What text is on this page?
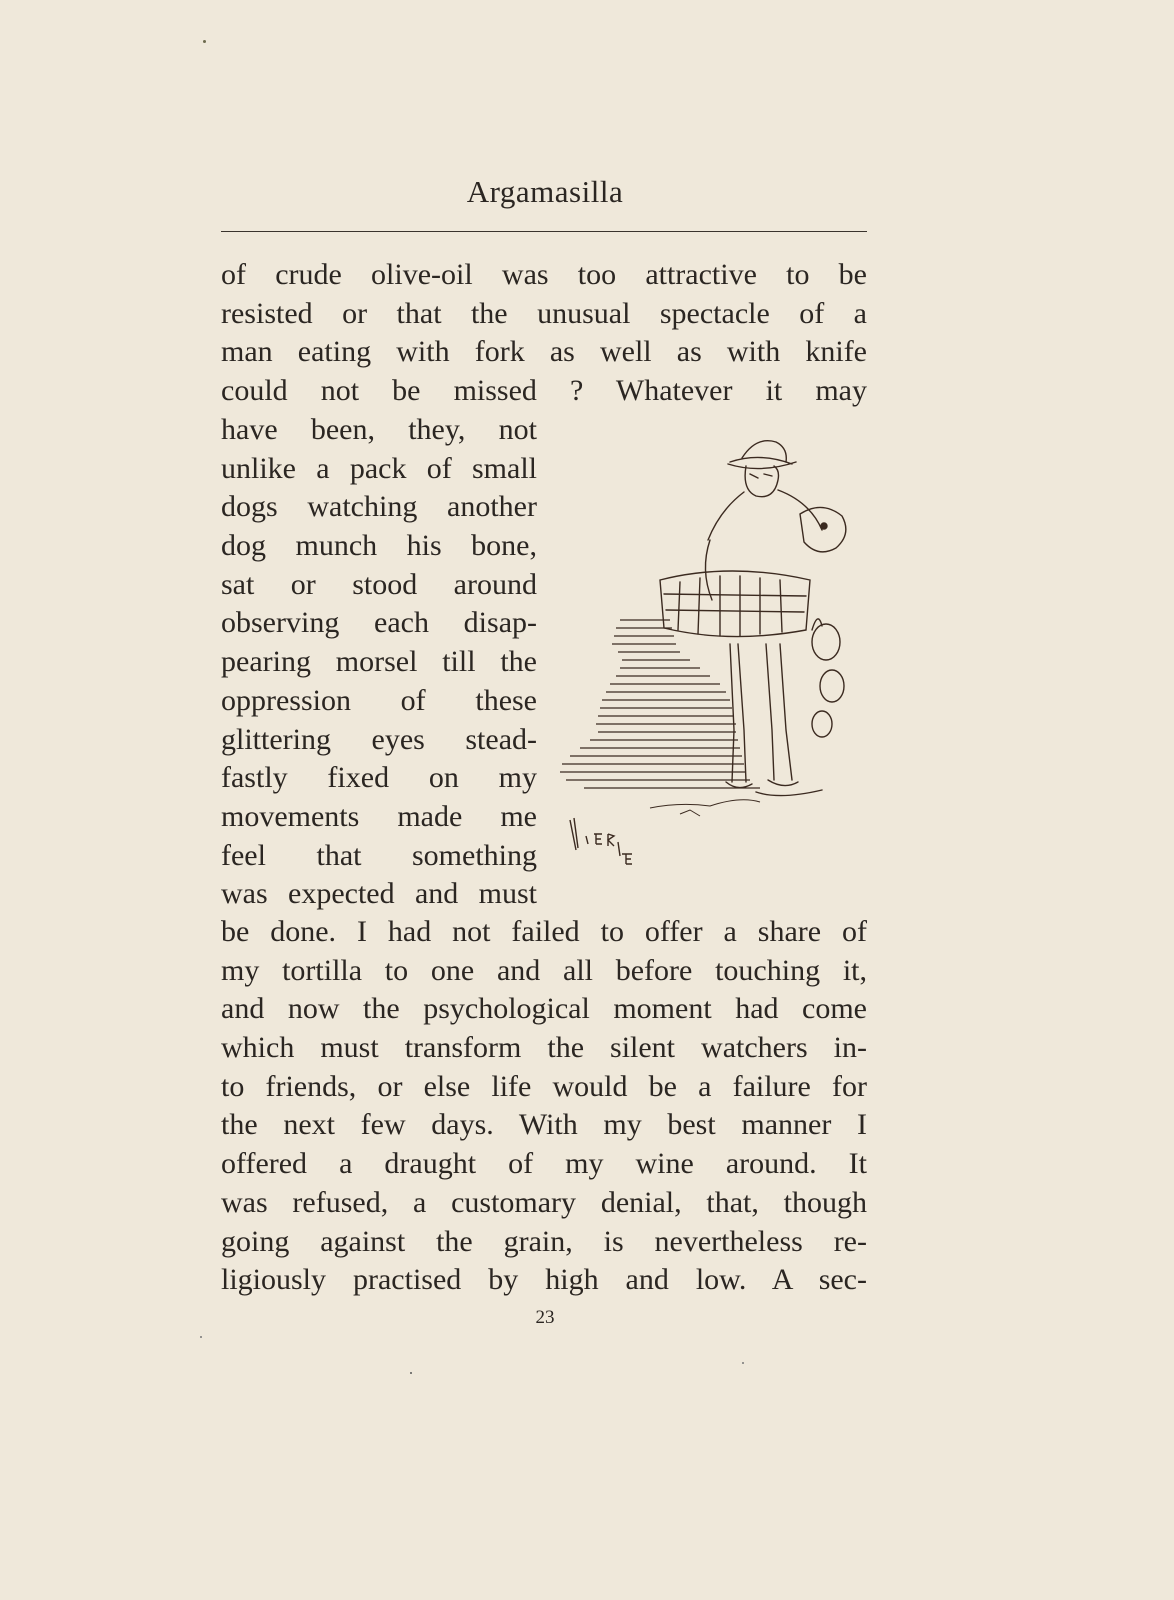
Argamasilla
of crude olive-oil was too attractive to be
resisted or that the unusual spectacle of a
man eating with fork as well as with knife
could not be missed ? Whatever it may
have been, they, not
unlike a pack of small
dogs watching another
dog munch his bone,
sat or stood around
observing each disap-
pearing morsel till the
oppression of these
glittering eyes stead-
fastly fixed on my
movements made me
feel that something
was expected and must
be done. I had not failed to offer a share of
my tortilla to one and all before touching it,
and now the psychological moment had come
which must transform the silent watchers in-
to friends, or else life would be a failure for
the next few days. With my best manner I
offered a draught of my wine around. It
was refused, a customary denial, that, though
going against the grain, is nevertheless re-
ligiously practised by high and low. A sec-
23
